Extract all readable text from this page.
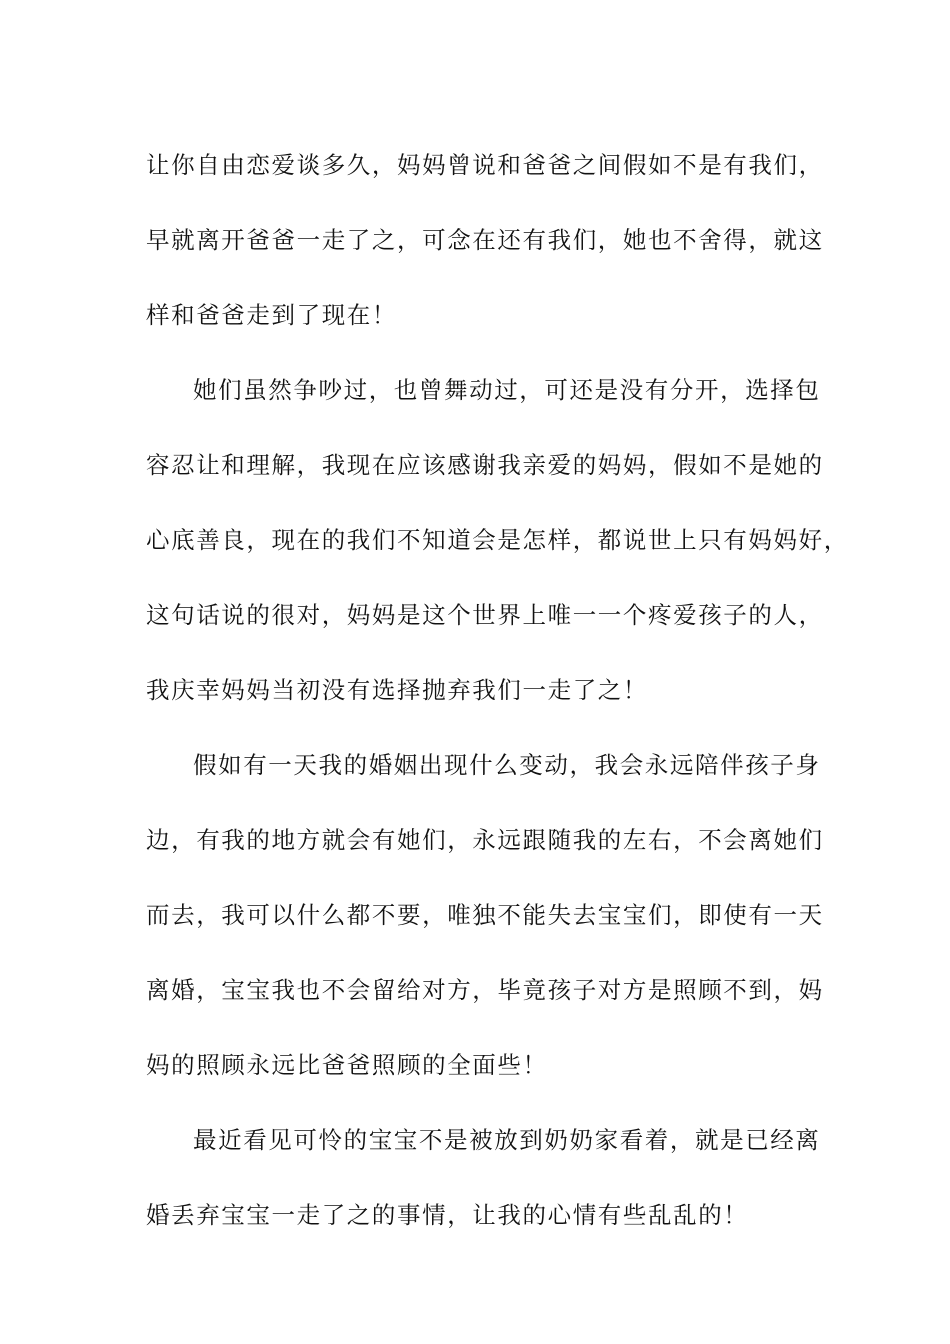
让你自由恋爱谈多久，妈妈曾说和爸爸之间假如不是有我们，
早就离开爸爸一走了之，可念在还有我们，她也不舍得，就这
样和爸爸走到了现在！
她们虽然争吵过，也曾舞动过，可还是没有分开，选择包
容忍让和理解，我现在应该感谢我亲爱的妈妈，假如不是她的
心底善良，现在的我们不知道会是怎样，都说世上只有妈妈好，
这句话说的很对，妈妈是这个世界上唯一一个疼爱孩子的人，
我庆幸妈妈当初没有选择抛弃我们一走了之！
假如有一天我的婚姻出现什么变动，我会永远陪伴孩子身
边，有我的地方就会有她们，永远跟随我的左右，不会离她们
而去，我可以什么都不要，唯独不能失去宝宝们，即使有一天
离婚，宝宝我也不会留给对方，毕竟孩子对方是照顾不到，妈
妈的照顾永远比爸爸照顾的全面些！
最近看见可怜的宝宝不是被放到奶奶家看着，就是已经离
婚丢弃宝宝一走了之的事情，让我的心情有些乱乱的！
